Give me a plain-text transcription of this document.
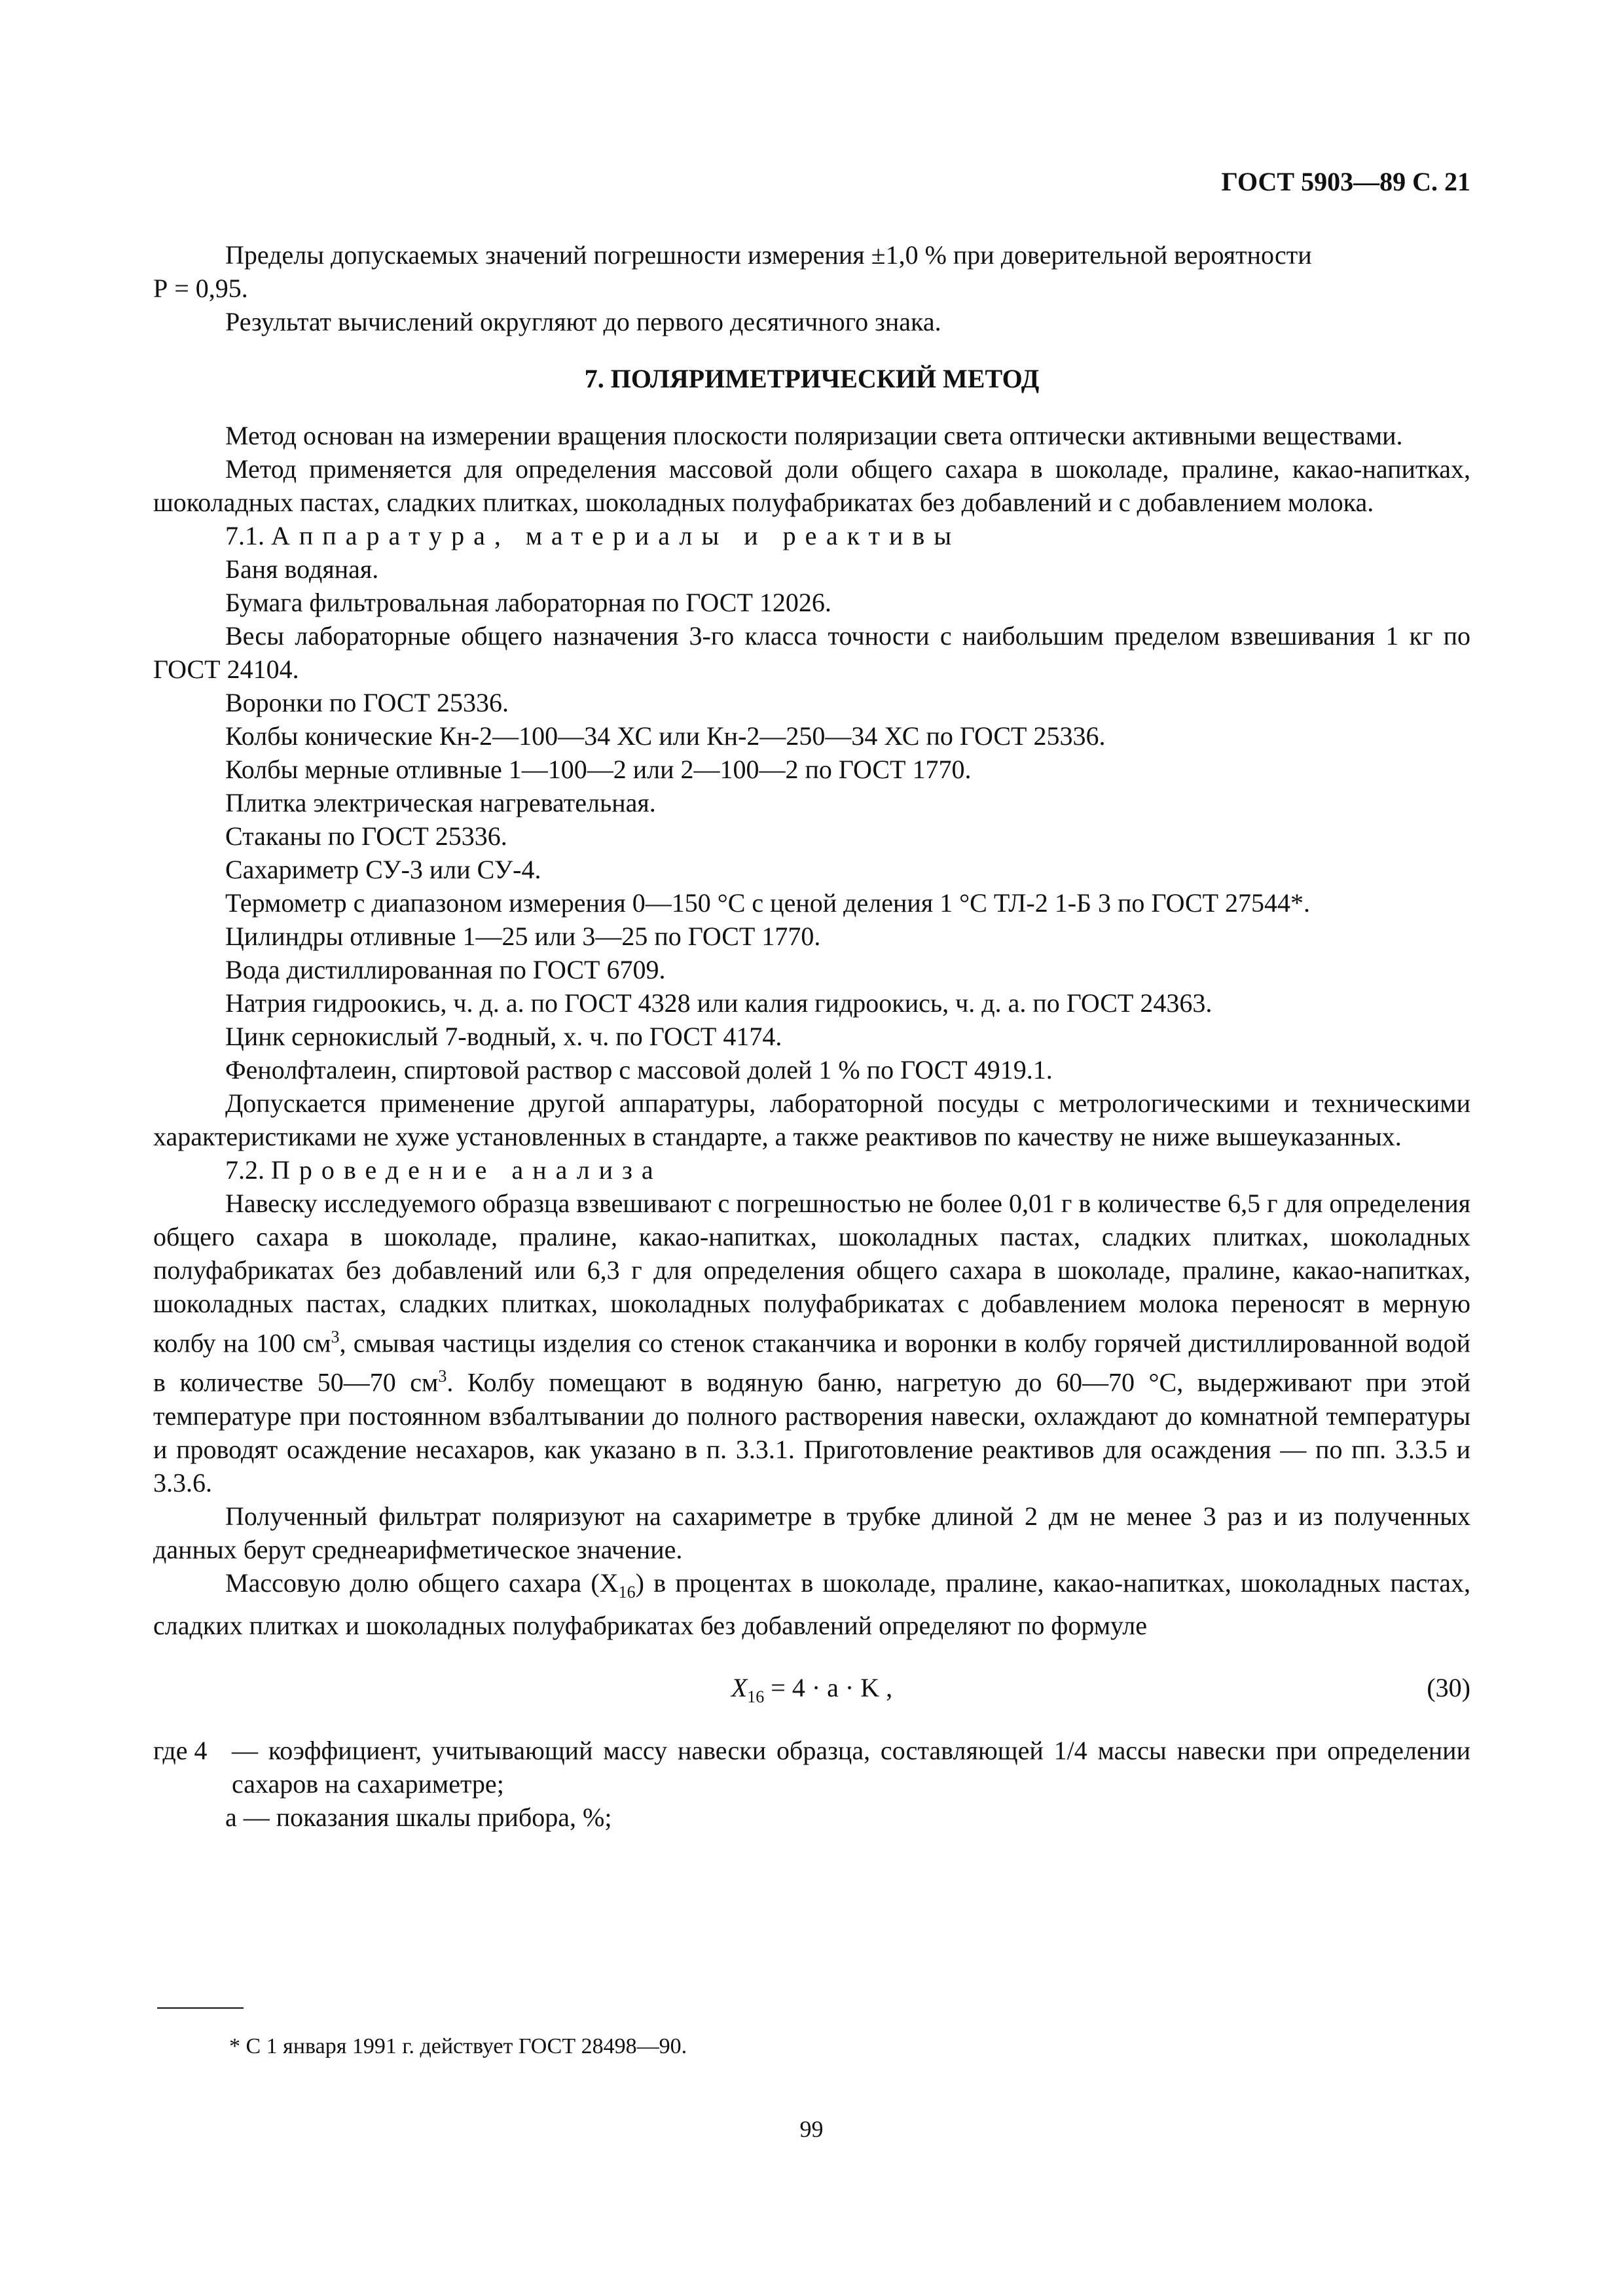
ГОСТ 5903—89 С. 21

Пределы допускаемых значений погрешности измерения ±1,0 % при доверительной вероятности

Р = 0,95.

Результат вычислений округляют до первого десятичного знака.

7. ПОЛЯРИМЕТРИЧЕСКИЙ МЕТОД

Метод основан на измерении вращения плоскости поляризации света оптически активными веществами.

Метод применяется для определения массовой доли общего сахара в шоколаде, пралине, какао-напитках, шоколадных пастах, сладких плитках, шоколадных полуфабрикатах без добавлений и с добавлением молока.

7.1. Аппаратура, материалы и реактивы

Баня водяная.

Бумага фильтровальная лабораторная по ГОСТ 12026.

Весы лабораторные общего назначения 3-го класса точности с наибольшим пределом взвешивания 1 кг по ГОСТ 24104.

Воронки по ГОСТ 25336.

Колбы конические Кн-2—100—34 ХС или Кн-2—250—34 ХС по ГОСТ 25336.

Колбы мерные отливные 1—100—2 или 2—100—2 по ГОСТ 1770.

Плитка электрическая нагревательная.

Стаканы по ГОСТ 25336.

Сахариметр СУ-3 или СУ-4.

Термометр с диапазоном измерения 0—150 °С с ценой деления 1 °С ТЛ-2 1-Б 3 по ГОСТ 27544*.

Цилиндры отливные 1—25 или 3—25 по ГОСТ 1770.

Вода дистиллированная по ГОСТ 6709.

Натрия гидроокись, ч. д. а. по ГОСТ 4328 или калия гидроокись, ч. д. а. по ГОСТ 24363.

Цинк сернокислый 7-водный, х. ч. по ГОСТ 4174.

Фенолфталеин, спиртовой раствор с массовой долей 1 % по ГОСТ 4919.1.

Допускается применение другой аппаратуры, лабораторной посуды с метрологическими и техническими характеристиками не хуже установленных в стандарте, а также реактивов по качеству не ниже вышеуказанных.

7.2. Проведение анализа

Навеску исследуемого образца взвешивают с погрешностью не более 0,01 г в количестве 6,5 г для определения общего сахара в шоколаде, пралине, какао-напитках, шоколадных пастах, сладких плитках, шоколадных полуфабрикатах без добавлений или 6,3 г для определения общего сахара в шоколаде, пралине, какао-напитках, шоколадных пастах, сладких плитках, шоколадных полуфабрикатах с добавлением молока переносят в мерную колбу на 100 $см^3$, смывая частицы изделия со стенок стаканчика и воронки в колбу горячей дистиллированной водой в количестве 50—70 $см^3$. Колбу помещают в водяную баню, нагретую до 60—70 °С, выдерживают при этой температуре при постоянном взбалтывании до полного растворения навески, охлаждают до комнатной температуры и проводят осаждение несахаров, как указано в п. 3.3.1. Приготовление реактивов для осаждения — по пп. 3.3.5 и 3.3.6.

Полученный фильтрат поляризуют на сахариметре в трубке длиной 2 дм не менее 3 раз и из полученных данных берут среднеарифметическое значение.

Массовую долю общего сахара $(X_{16})$ в процентах в шоколаде, пралине, какао-напитках, шоколадных пастах, сладких плитках и шоколадных полуфабрикатах без добавлений определяют по формуле

$X_{16} = 4 \cdot a \cdot K$ ,	(30)
где 4 — коэффициент, учитывающий массу навески образца, составляющей 1/4 массы навески при определении сахаров на сахариметре;

а — показания шкалы прибора, %;

* С 1 января 1991 г. действует ГОСТ 28498—90.
99
